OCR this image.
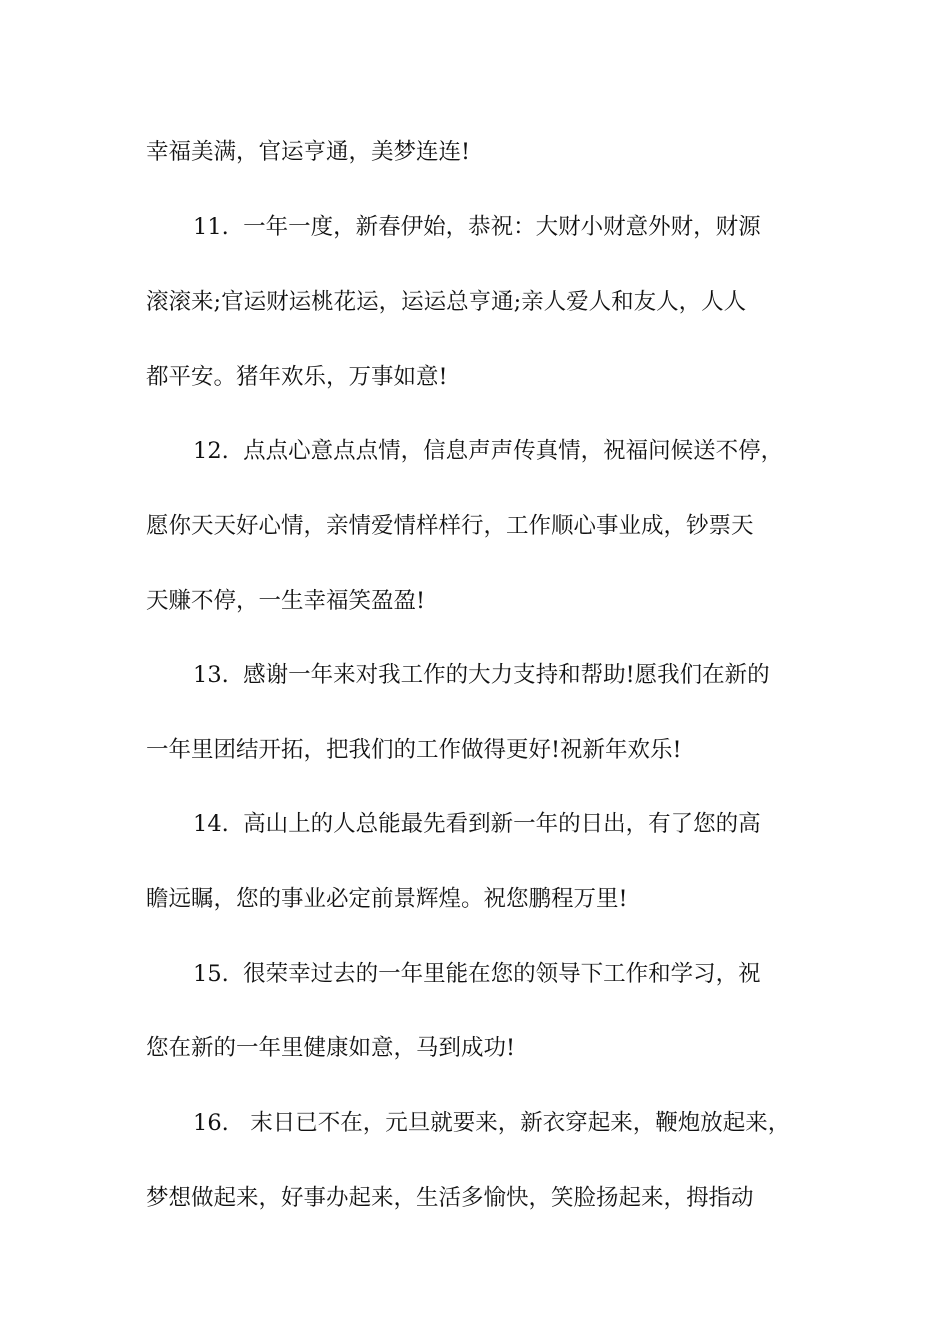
幸福美满，官运亨通，美梦连连!
11.  一年一度，新春伊始，恭祝：大财小财意外财，财源
滚滚来;官运财运桃花运，运运总亨通;亲人爱人和友人，人人
都平安。猪年欢乐，万事如意!
12.  点点心意点点情，信息声声传真情，祝福问候送不停，
愿你天天好心情，亲情爱情样样行，工作顺心事业成，钞票天
天赚不停，一生幸福笑盈盈!
13.  感谢一年来对我工作的大力支持和帮助!愿我们在新的
一年里团结开拓，把我们的工作做得更好!祝新年欢乐!
14.  高山上的人总能最先看到新一年的日出，有了您的高
瞻远瞩，您的事业必定前景辉煌。祝您鹏程万里!
15.  很荣幸过去的一年里能在您的领导下工作和学习，祝
您在新的一年里健康如意，马到成功!
16.   末日已不在，元旦就要来，新衣穿起来，鞭炮放起来，
梦想做起来，好事办起来，生活多愉快，笑脸扬起来，拇指动
